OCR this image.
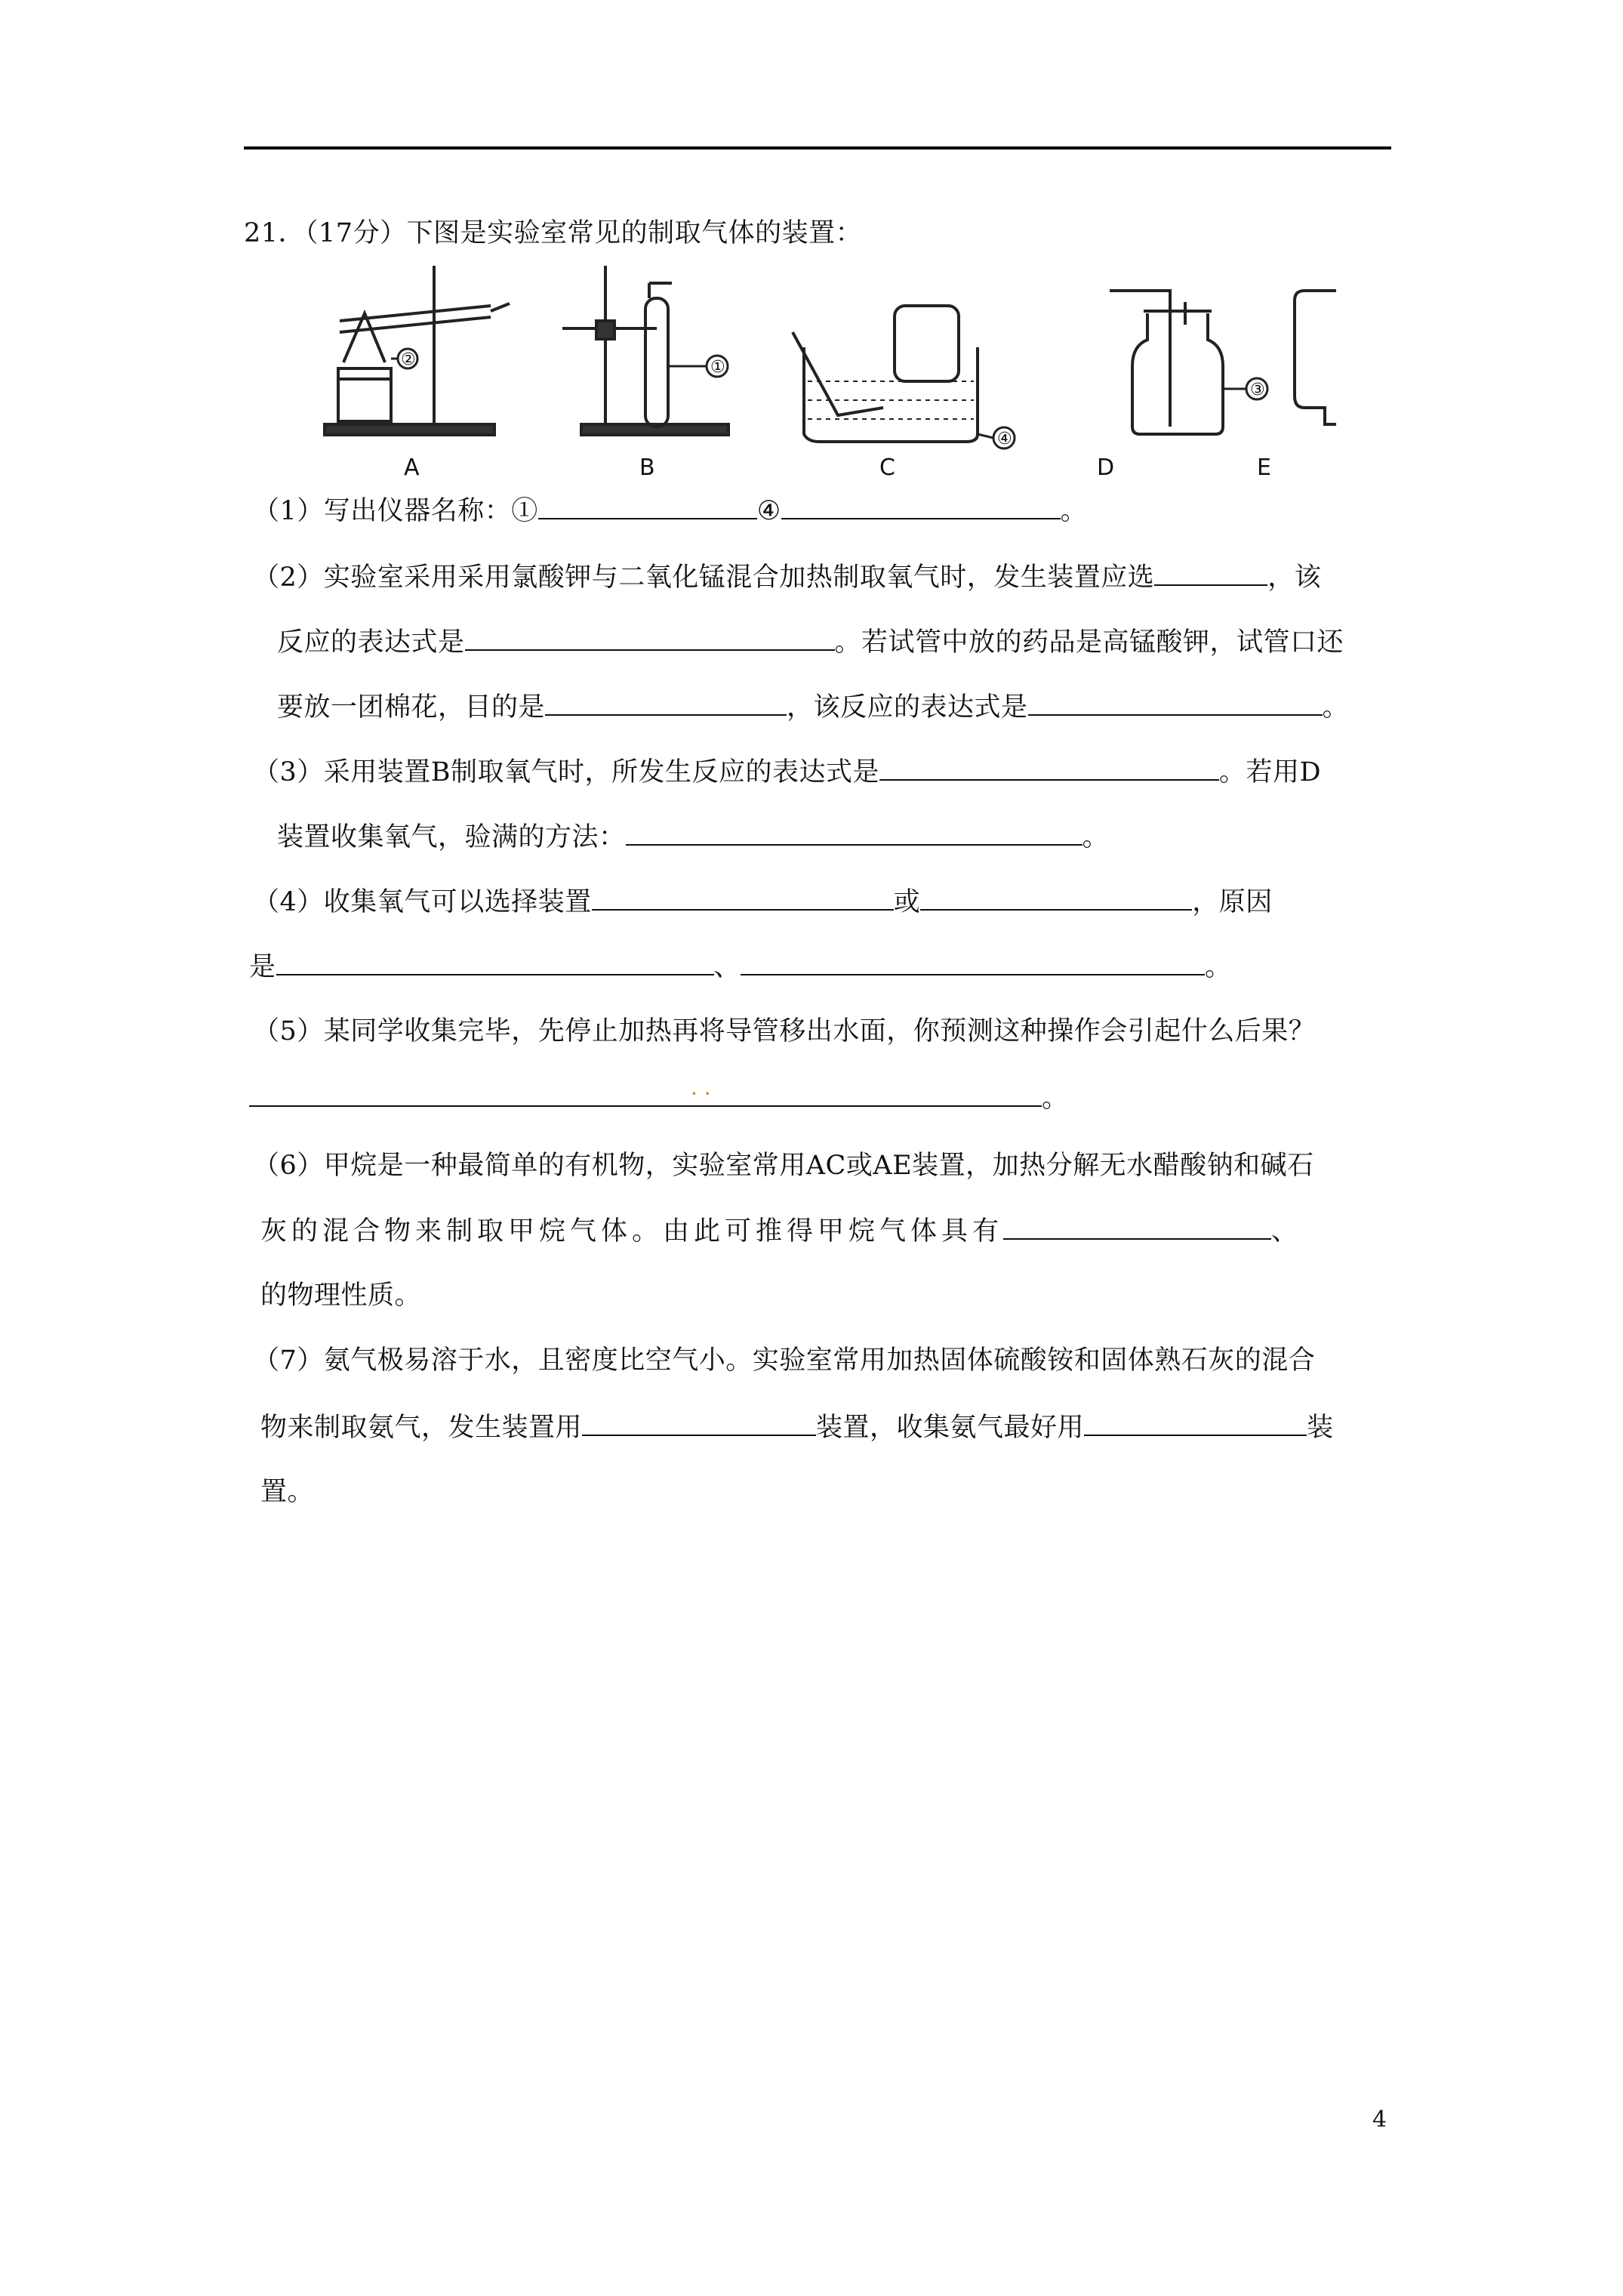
21．（17分）下图是实验室常见的制取气体的装置：
②	①
④
③
A	B	C	D	E
（1）写出仪器名称：①	④	。
（2）实验室采用采用氯酸钾与二氧化锰混合加热制取氧气时，发生装置应选	，该
反应的表达式是	。若试管中放的药品是高锰酸钾，试管口还
要放一团棉花，目的是	，该反应的表达式是	。
（3）采用装置B制取氧气时，所发生反应的表达式是	。若用D
装置收集氧气，验满的方法：	。
（4）收集氧气可以选择装置	或	，原因
是	、	。
（5）某同学收集完毕，先停止加热再将导管移出水面，你预测这种操作会引起什么后果？
。
· ·
（6）甲烷是一种最简单的有机物，实验室常用AC或AE装置，加热分解无水醋酸钠和碱石
灰的混合物来制取甲烷气体。由此可推得甲烷气体具有	、
的物理性质。
（7）氨气极易溶于水，且密度比空气小。实验室常用加热固体硫酸铵和固体熟石灰的混合
物来制取氨气，发生装置用	装置，收集氨气最好用	装
置。
4
